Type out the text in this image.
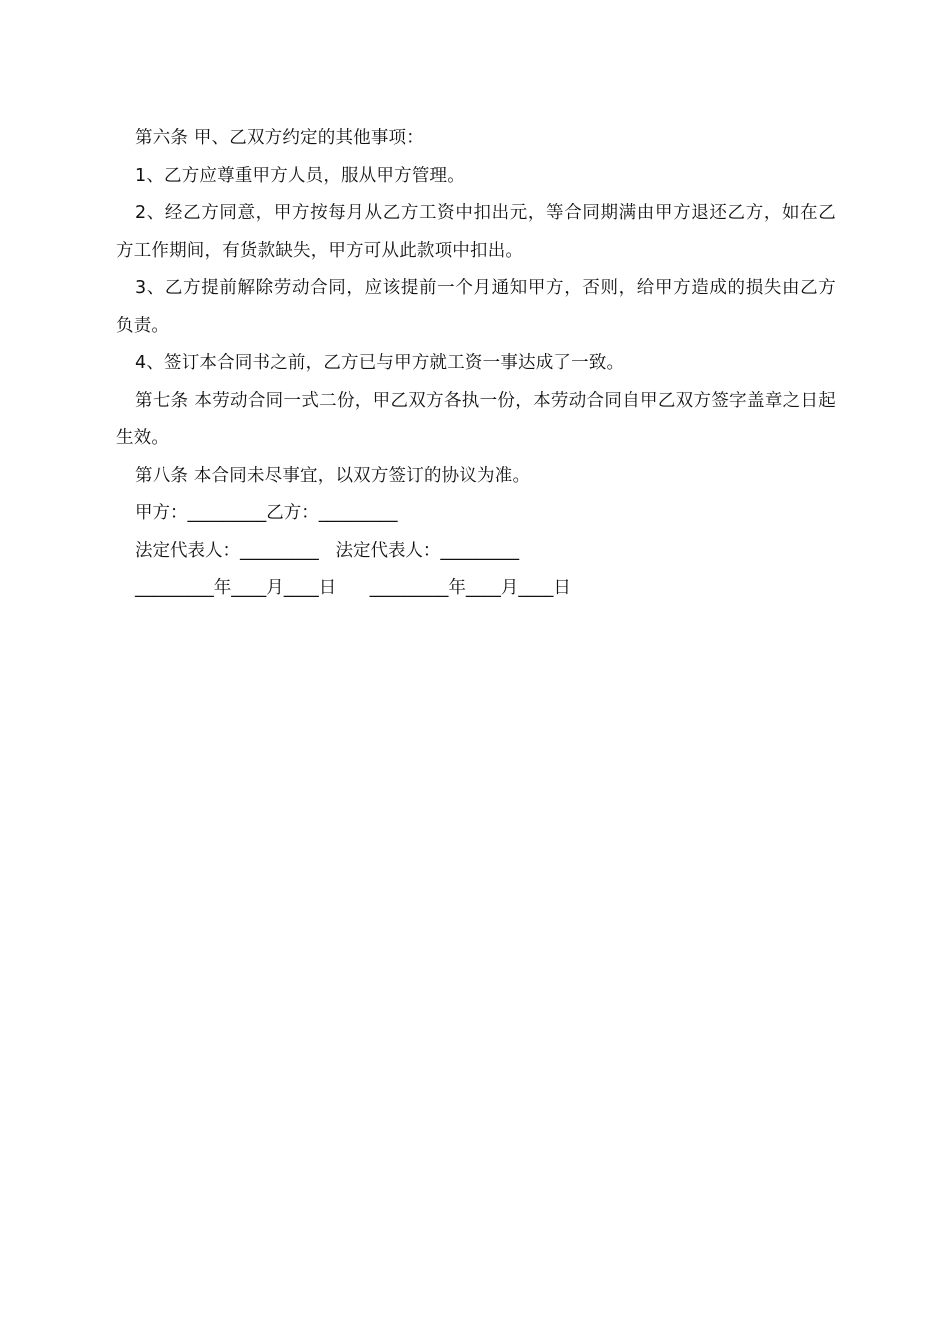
第六条 甲、乙双方约定的其他事项：

1、乙方应尊重甲方人员，服从甲方管理。

2、经乙方同意，甲方按每月从乙方工资中扣出元，等合同期满由甲方退还乙方，如在乙方工作期间，有货款缺失，甲方可从此款项中扣出。

3、乙方提前解除劳动合同，应该提前一个月通知甲方，否则，给甲方造成的损失由乙方负责。

4、签订本合同书之前，乙方已与甲方就工资一事达成了一致。

第七条 本劳动合同一式二份，甲乙双方各执一份，本劳动合同自甲乙双方签字盖章之日起生效。

第八条 本合同未尽事宜，以双方签订的协议为准。

甲方：_________乙方：_________

法定代表人：_________   法定代表人：_________

_________年____月____日      _________年____月____日
